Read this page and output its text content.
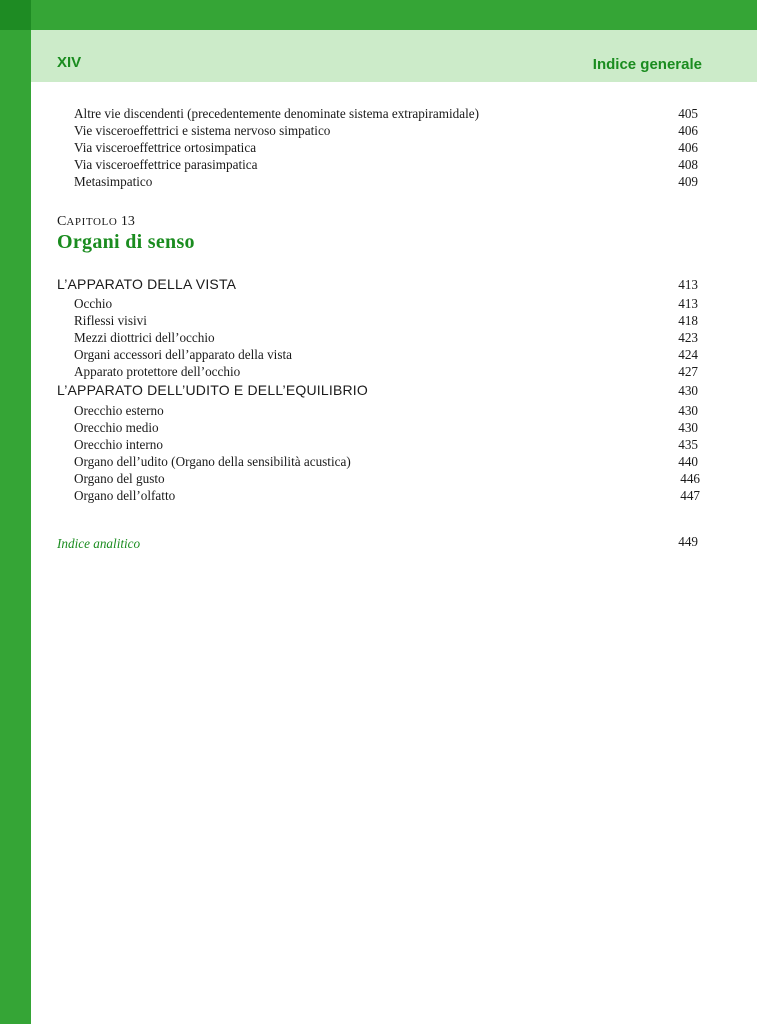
XIV	Indice generale
Altre vie discendenti (precedentemente denominate sistema extrapiramidale)	405
Vie visceroeffettrici e sistema nervoso simpatico	406
Via visceroeffettrice ortosimpatica	406
Via visceroeffettrice parasimpatica	408
Metasimpatico	409
CAPITOLO 13
Organi di senso
L’APPARATO DELLA VISTA	413
Occhio	413
Riflessi visivi	418
Mezzi diottrici dell’occhio	423
Organi accessori dell’apparato della vista	424
Apparato protettore dell’occhio	427
L’APPARATO DELL’UDITO E DELL’EQUILIBRIO	430
Orecchio esterno	430
Orecchio medio	430
Orecchio interno	435
Organo dell’udito (Organo della sensibilità acustica)	440
Organo del gusto	446
Organo dell’olfatto	447
Indice analitico	449
